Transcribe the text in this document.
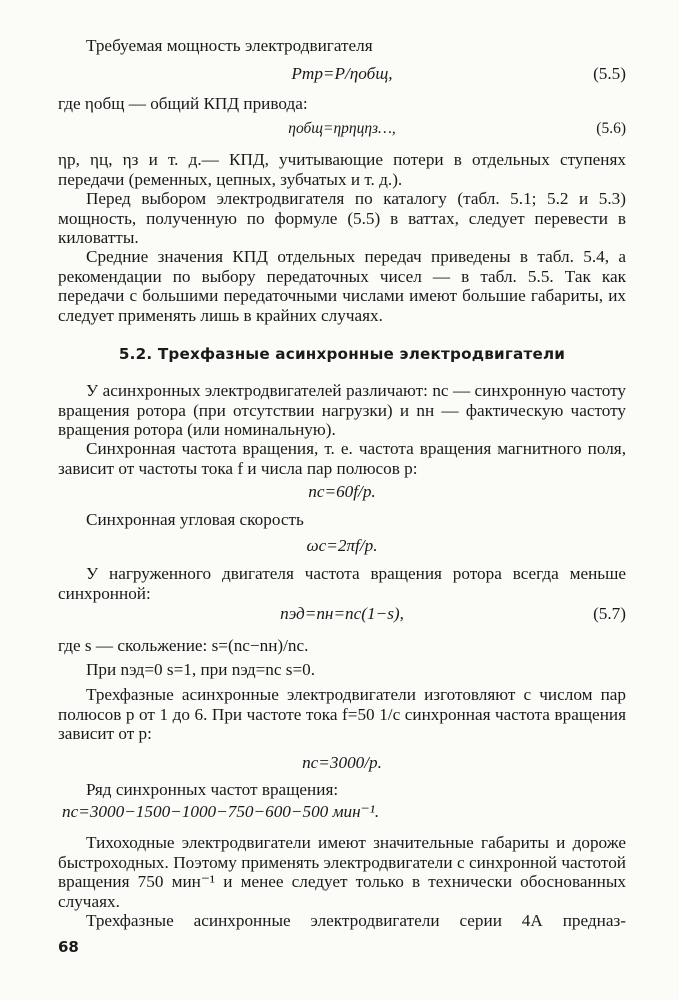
Требуемая мощность электродвигателя

Pтр=P/ηобщ,	(5.5)

где ηобщ — общий КПД привода:

ηобщ=ηpηцηз…,	(5.6)

ηр, ηц, ηз и т. д.— КПД, учитывающие потери в отдельных ступенях передачи (ременных, цепных, зубчатых и т. д.).

Перед выбором электродвигателя по каталогу (табл. 5.1; 5.2 и 5.3) мощность, полученную по формуле (5.5) в ваттах, следует перевести в киловатты.

Средние значения КПД отдельных передач приведены в табл. 5.4, а рекомендации по выбору передаточных чисел — в табл. 5.5. Так как передачи с большими передаточными числами имеют большие габариты, их следует применять лишь в крайних случаях.

5.2. Трехфазные асинхронные электродвигатели

У асинхронных электродвигателей различают: nс — синхронную частоту вращения ротора (при отсутствии нагрузки) и nн — фактическую частоту вращения ротора (или номинальную).

Синхронная частота вращения, т. е. частота вращения магнитного поля, зависит от частоты тока f и числа пар полюсов p:

nс=60f/p.

Синхронная угловая скорость

ωс=2πf/p.

У нагруженного двигателя частота вращения ротора всегда меньше синхронной:

nэд=nн=nс(1−s),	(5.7)

где s — скольжение: s=(nс−nн)/nс.

При nэд=0 s=1, при nэд=nс s=0.

Трехфазные асинхронные электродвигатели изготовляют с числом пар полюсов p от 1 до 6. При частоте тока f=50 1/с синхронная частота вращения зависит от p:

nс=3000/p.

Ряд синхронных частот вращения:

nс=3000−1500−1000−750−600−500 мин⁻¹.

Тихоходные электродвигатели имеют значительные габариты и дороже быстроходных. Поэтому применять электродвигатели с синхронной частотой вращения 750 мин⁻¹ и менее следует только в технически обоснованных случаях.

Трехфазные асинхронные электродвигатели серии 4А предназ-

68
